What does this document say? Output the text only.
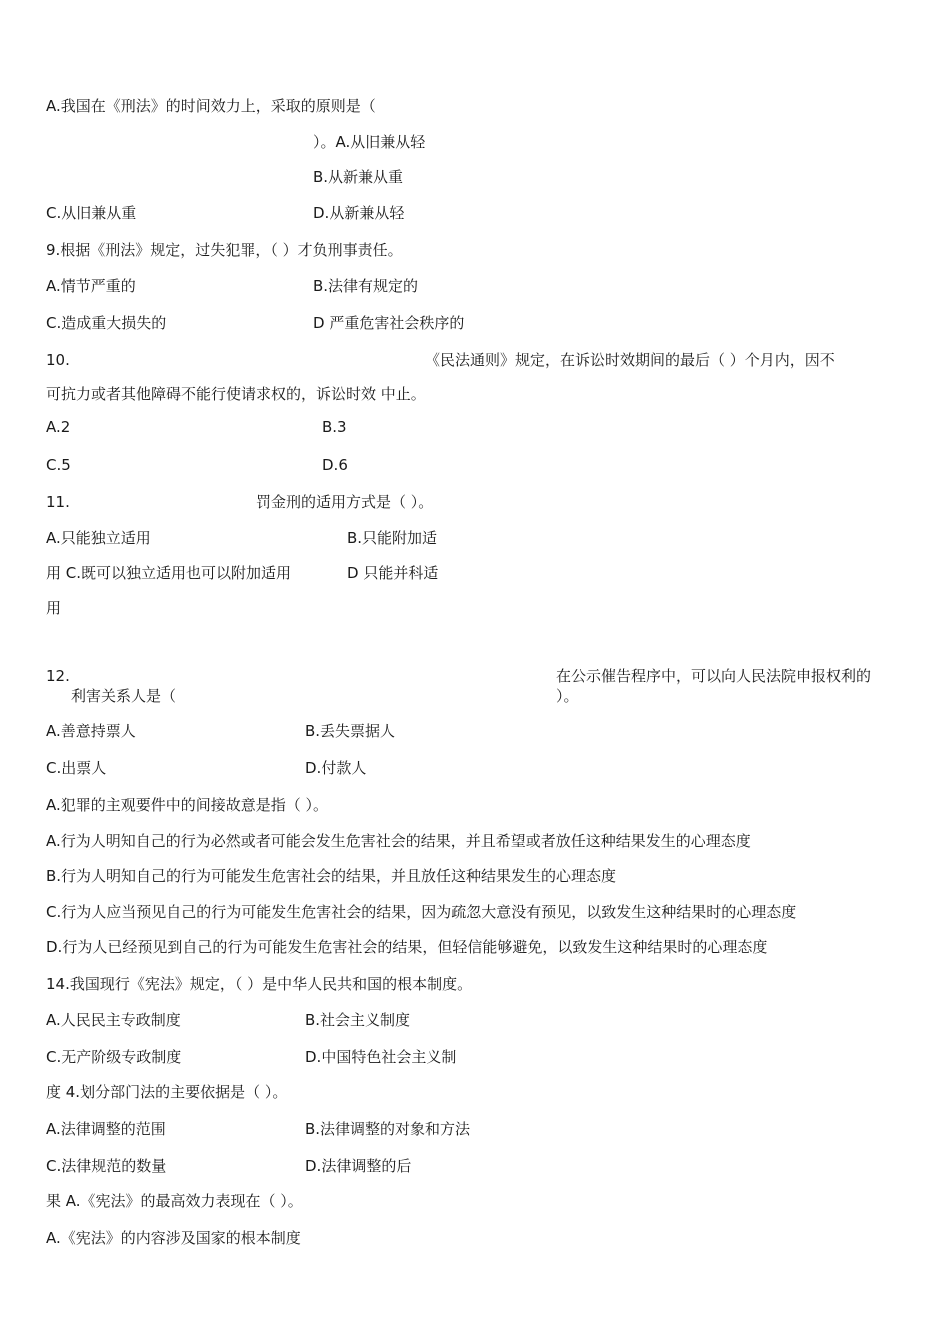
A.我国在《刑法》的时间效力上，采取的原则是（
）。A.从旧兼从轻
B.从新兼从重
C.从旧兼从重	D.从新兼从轻
9.根据《刑法》规定，过失犯罪，（ ）才负刑事责任。
A.情节严重的	B.法律有规定的
C.造成重大损失的	D 严重危害社会秩序的
10.	《民法通则》规定，在诉讼时效期间的最后（ ）个月内，因不
可抗力或者其他障碍不能行使请求权的，诉讼时效 中止。
A.2	B.3
C.5	D.6
11.	罚金刑的适用方式是（ ）。
A.只能独立适用	B.只能附加适
用 C.既可以独立适用也可以附加适用	D 只能并科适
用
12.	在公示催告程序中，可以向人民法院申报权利的
利害关系人是（	）。
A.善意持票人	B.丢失票据人
C.出票人	D.付款人
A.犯罪的主观要件中的间接故意是指（ ）。
A.行为人明知自己的行为必然或者可能会发生危害社会的结果，并且希望或者放任这种结果发生的心理态度
B.行为人明知自己的行为可能发生危害社会的结果，并且放任这种结果发生的心理态度
C.行为人应当预见自己的行为可能发生危害社会的结果，因为疏忽大意没有预见，以致发生这种结果时的心理态度
D.行为人已经预见到自己的行为可能发生危害社会的结果，但轻信能够避免，以致发生这种结果时的心理态度
14.我国现行《宪法》规定，（ ）是中华人民共和国的根本制度。
A.人民民主专政制度	B.社会主义制度
C.无产阶级专政制度	D.中国特色社会主义制
度 4.划分部门法的主要依据是（ ）。
A.法律调整的范围	B.法律调整的对象和方法
C.法律规范的数量	D.法律调整的后
果 A.《宪法》的最高效力表现在（ ）。
A.《宪法》的内容涉及国家的根本制度
